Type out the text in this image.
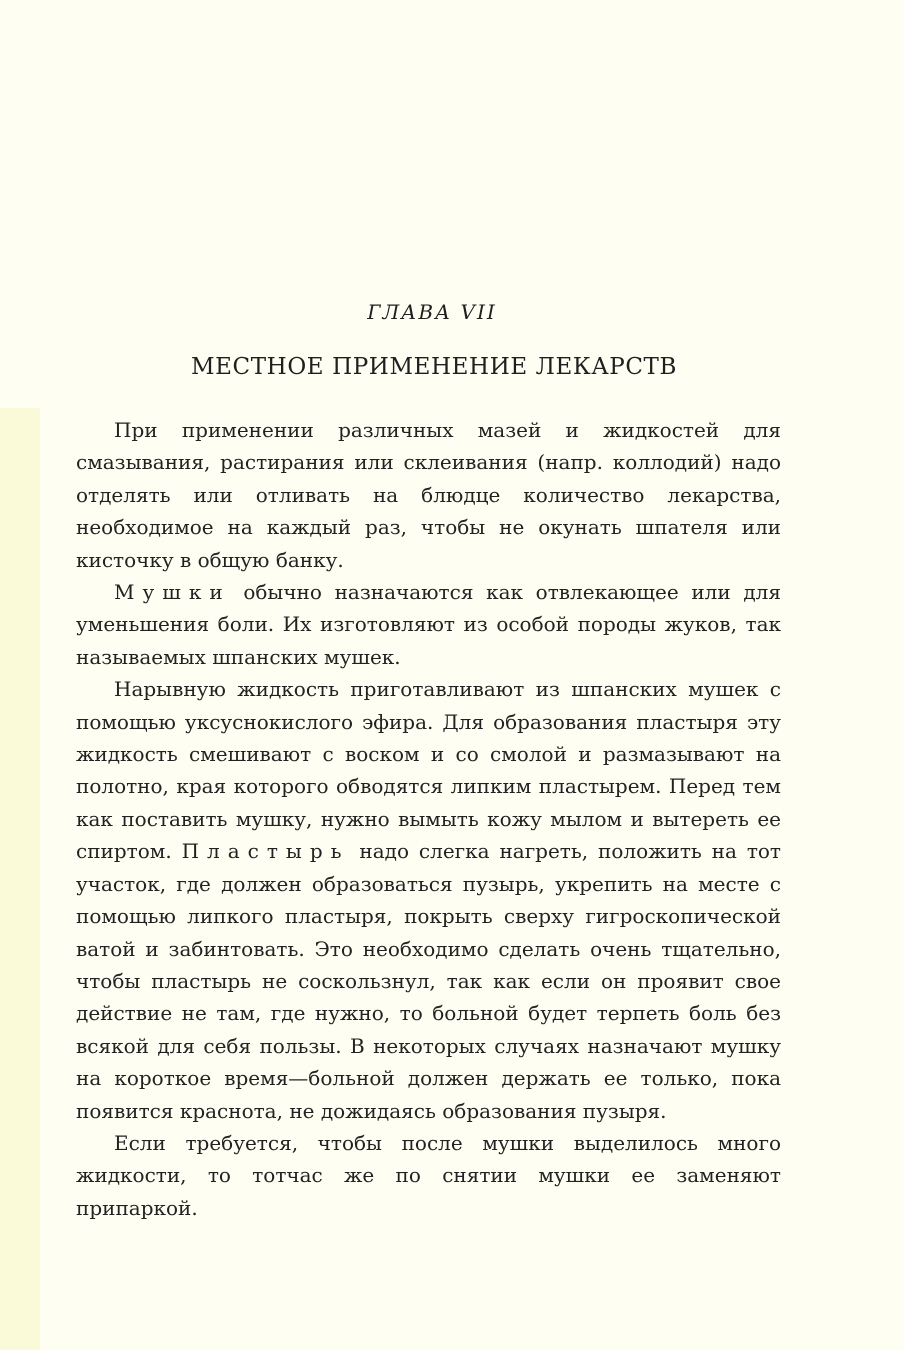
ГЛАВА VII
МЕСТНОЕ ПРИМЕНЕНИЕ ЛЕКАРСТВ

При применении различных мазей и жидкостей для смазывания, растирания или склеивания (напр. коллодий) надо отделять или отливать на блюдце количество лекарства, необходимое на каждый раз, чтобы не окунать шпателя или кисточку в общую банку.

Мушки обычно назначаются как отвлекающее или для уменьшения боли. Их изготовляют из особой породы жуков, так называемых шпанских мушек.

Нарывную жидкость приготавливают из шпанских мушек с помощью уксуснокислого эфира. Для образования пластыря эту жидкость смешивают с воском и со смолой и размазывают на полотно, края которого обводятся липким пластырем. Перед тем как поставить мушку, нужно вымыть кожу мылом и вытереть ее спиртом. Пластырь надо слегка нагреть, положить на тот участок, где должен образоваться пузырь, укрепить на месте с помощью липкого пластыря, покрыть сверху гигроскопической ватой и забинтовать. Это необходимо сделать очень тщательно, чтобы пластырь не соскользнул, так как если он проявит свое действие не там, где нужно, то больной будет терпеть боль без всякой для себя пользы. В некоторых случаях назначают мушку на короткое время—больной должен держать ее только, пока появится краснота, не дожидаясь образования пузыря.

Если требуется, чтобы после мушки выделилось много жидкости, то тотчас же по снятии мушки ее заменяют припаркой.
